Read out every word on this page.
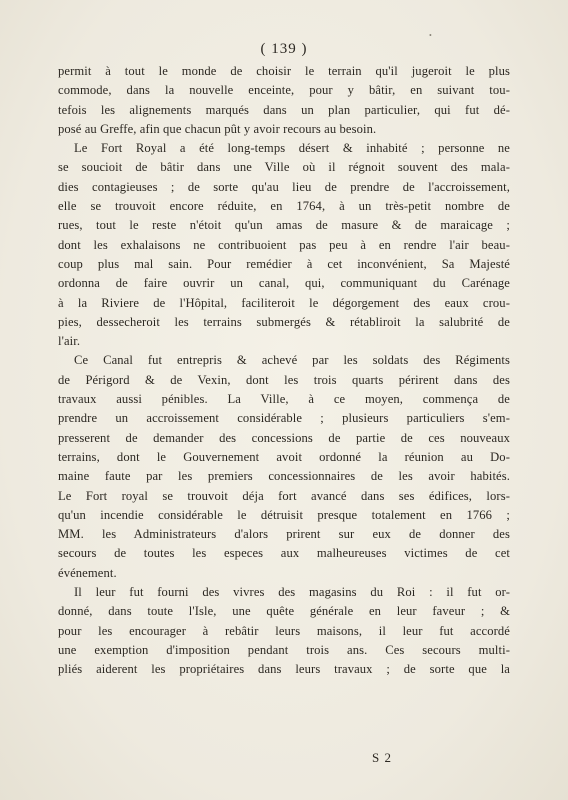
•
( 139 )
permit à tout le monde de choisir le terrain qu'il jugeroit le plus
commode, dans la nouvelle enceinte, pour y bâtir, en suivant tou-
tefois les alignements marqués dans un plan particulier, qui fut dé-
posé au Greffe, afin que chacun pût y avoir recours au besoin.
Le Fort Royal a été long-temps désert & inhabité ; personne ne
se soucioit de bâtir dans une Ville où il régnoit souvent des mala-
dies contagieuses ; de sorte qu'au lieu de prendre de l'accroissement,
elle se trouvoit encore réduite, en 1764, à un très-petit nombre de
rues, tout le reste n'étoit qu'un amas de masure & de maraicage ;
dont les exhalaisons ne contribuoient pas peu à en rendre l'air beau-
coup plus mal sain. Pour remédier à cet inconvénient, Sa Majesté
ordonna de faire ouvrir un canal, qui, communiquant du Carénage
à la Riviere de l'Hôpital, faciliteroit le dégorgement des eaux crou-
pies, dessecheroit les terrains submergés & rétabliroit la salubrité de
l'air.
Ce Canal fut entrepris & achevé par les soldats des Régiments
de Périgord & de Vexin, dont les trois quarts périrent dans des
travaux aussi pénibles. La Ville, à ce moyen, commença de
prendre un accroissement considérable ; plusieurs particuliers s'em-
presserent de demander des concessions de partie de ces nouveaux
terrains, dont le Gouvernement avoit ordonné la réunion au Do-
maine faute par les premiers concessionnaires de les avoir habités.
Le Fort royal se trouvoit déja fort avancé dans ses édifices, lors-
qu'un incendie considérable le détruisit presque totalement en 1766 ;
MM. les Administrateurs d'alors prirent sur eux de donner des
secours de toutes les especes aux malheureuses victimes de cet
événement.
Il leur fut fourni des vivres des magasins du Roi : il fut or-
donné, dans toute l'Isle, une quête générale en leur faveur ; &
pour les encourager à rebâtir leurs maisons, il leur fut accordé
une exemption d'imposition pendant trois ans. Ces secours multi-
pliés aiderent les propriétaires dans leurs travaux ; de sorte que la
S 2
